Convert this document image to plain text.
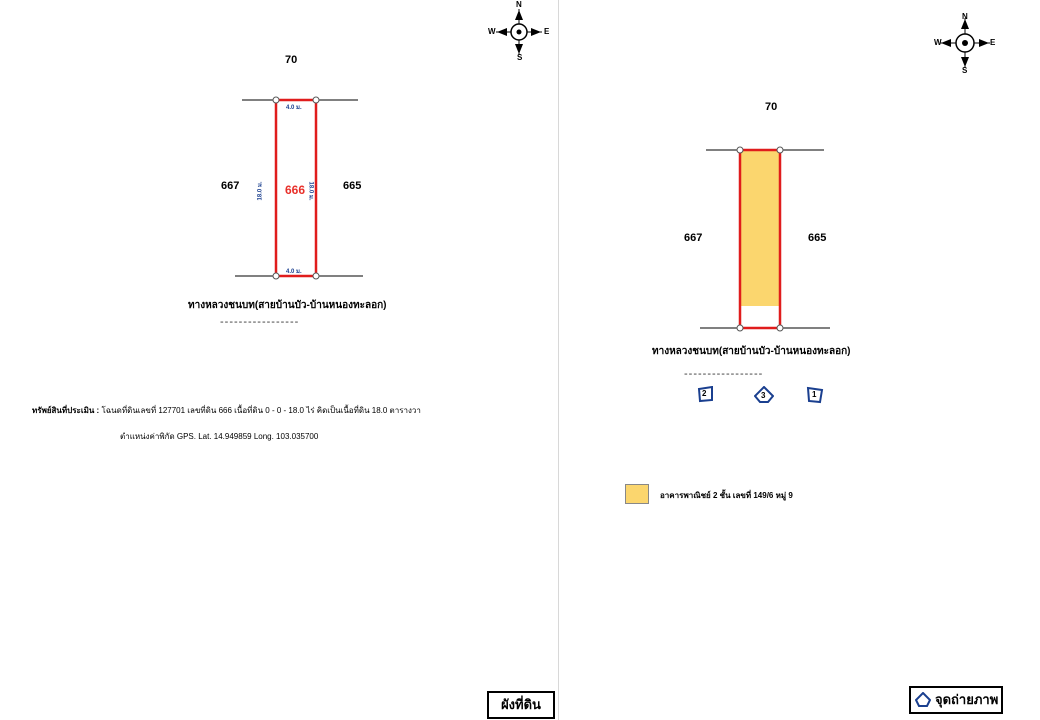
N
S
E
W
70
667	665
4.0 ม.
4.0 ม.
18.0 ม.	18.0 ม.
666
ทางหลวงชนบท(สายบ้านบัว-บ้านหนองทะลอก)
-----------------
ทรัพย์สินที่ประเมิน : โฉนดที่ดินเลขที่ 127701 เลขที่ดิน 666 เนื้อที่ดิน 0 - 0 - 18.0 ไร่ คิดเป็นเนื้อที่ดิน 18.0 ตารางวา
ตำแหน่งค่าพิกัด GPS. Lat. 14.949859 Long. 103.035700
ผังที่ดิน
N
S
E
W
70
667	665
ทางหลวงชนบท(สายบ้านบัว-บ้านหนองทะลอก)
-----------------
2	3	1
อาคารพาณิชย์ 2 ชั้น เลขที่ 149/6 หมู่ 9
จุดถ่ายภาพ
